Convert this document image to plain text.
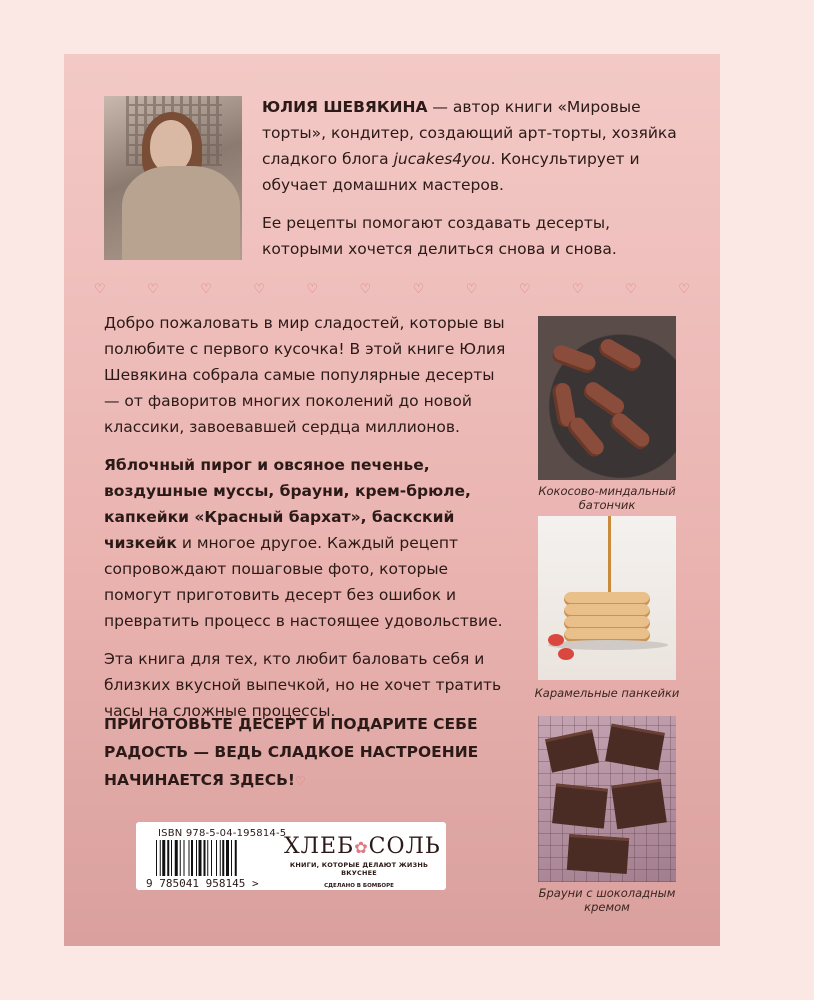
ЮЛИЯ ШЕВЯКИНА — автор книги «Мировые торты», кондитер, создающий арт-торты, хозяйка сладкого блога jucakes4you. Консультирует и обучает домашних мастеров.

Ее рецепты помогают создавать десерты, которыми хочется делиться снова и снова.

♡	♡	♡	♡	♡	♡	♡	♡	♡	♡	♡	♡

Добро пожаловать в мир сладостей, которые вы полюбите с первого кусочка! В этой книге Юлия Шевякина собрала самые популярные десерты — от фаворитов многих поколений до новой классики, завоевавшей сердца миллионов.

Яблочный пирог и овсяное печенье, воздушные муссы, брауни, крем-брюле, капкейки «Красный бархат», баскский чизкейк и многое другое. Каждый рецепт сопровождают пошаговые фото, которые помогут приготовить десерт без ошибок и превратить процесс в настоящее удовольствие.

Эта книга для тех, кто любит баловать себя и близких вкусной выпечкой, но не хочет тратить часы на сложные процессы.

ПРИГОТОВЬТЕ ДЕСЕРТ И ПОДАРИТЕ СЕБЕ РАДОСТЬ — ВЕДЬ СЛАДКОЕ НАСТРОЕНИЕ НАЧИНАЕТСЯ ЗДЕСЬ!♡
Кокосово-миндальный батончик
Карамельные панкейки
Брауни с шоколадным кремом
ISBN 978-5-04-195814-5
9 785041 958145 >
ХЛЕБ✿СОЛЬ
КНИГИ, КОТОРЫЕ ДЕЛАЮТ ЖИЗНЬ ВКУСНЕЕ
СДЕЛАНО В БОМБОРЕ
